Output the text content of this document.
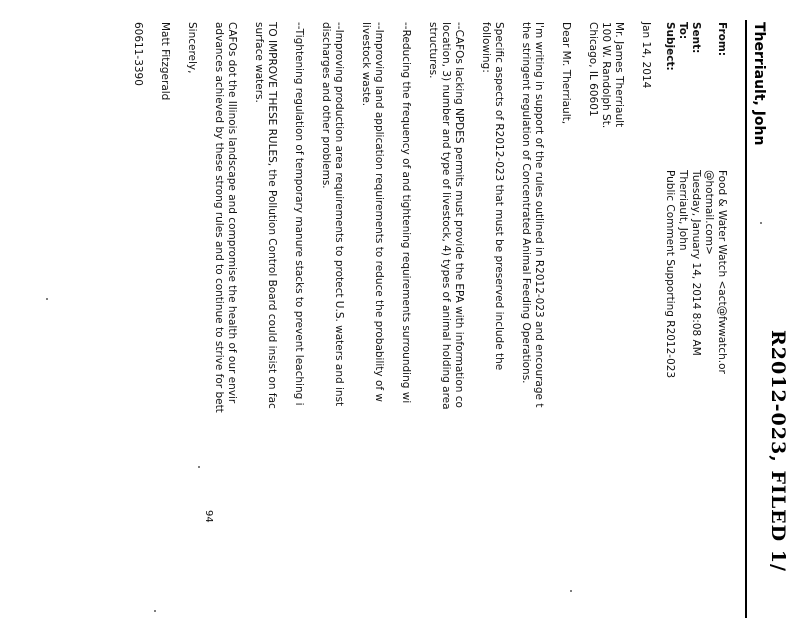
R2012-023, FILED 1/
Therriault, John
From:
Food & Water Watch <act@fwwatch.or
@hotmail.com>
Sent:
Tuesday, January 14, 2014 8:08 AM
To:
Therriault, John
Subject:
Public Comment Supporting R2012-023
Jan 14, 2014
Mr. James Therriault
100 W. Randolph St.
Chicago, IL 60601
Dear Mr. Therriault,
I'm writing in support of the rules outlined in R2012-023 and encourage t
the stringent regulation of Concentrated Animal Feeding Operations.
Specific aspects of R2012-023 that must be preserved include the
following:
--CAFOs lacking NPDES permits must provide the EPA with information co
location, 3) number and type of livestock, 4) types of animal holding area
structures.
--Reducing the frequency of and tightening requirements surrounding wi
--Improving land application requirements to reduce the probability of w
livestock waste.
--Improving production area requirements to protect U.S. waters and inst
discharges and other problems.
--Tightening regulation of temporary manure stacks to prevent leaching i
TO IMPROVE THESE RULES, the Pollution Control Board could insist on fac
surface waters.
CAFOs dot the Illinois landscape and compromise the health of our envir
advances achieved by these strong rules and to continue to strive for bett
Sincerely,
Matt Fitzgerald
60611-3390
94
